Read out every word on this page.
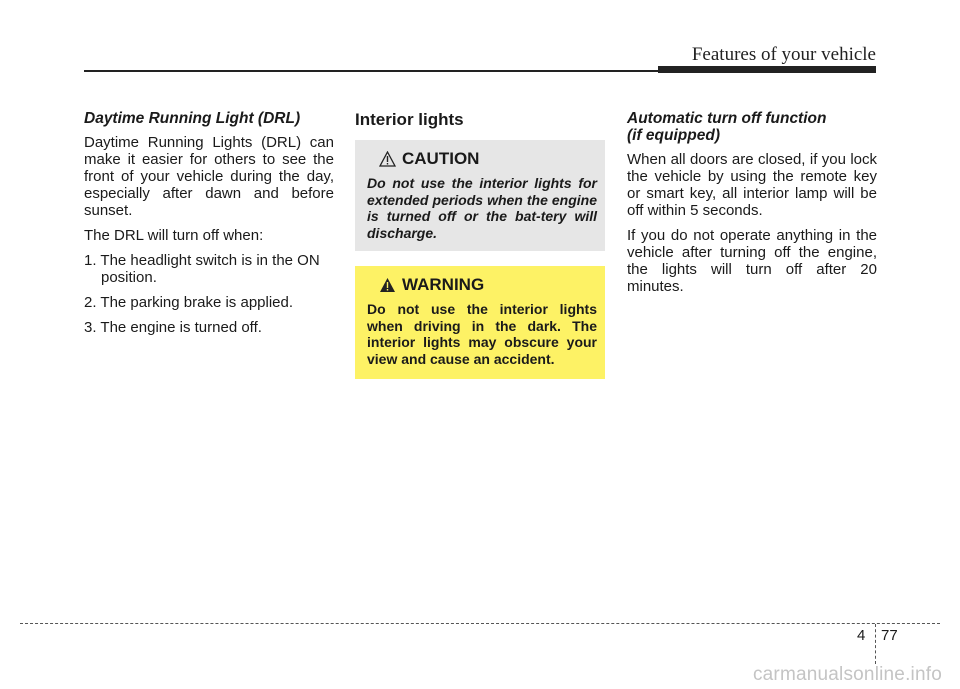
Features of your vehicle
Daytime Running Light (DRL)

Daytime Running Lights (DRL) can make it easier for others to see the front of your vehicle during the day, especially after dawn and before sunset.

The DRL will turn off when:

1. The headlight switch is in the ON position.
2. The parking brake is applied.
3. The engine is turned off.
Interior lights
CAUTION

Do not use the interior lights for extended periods when the engine is turned off or the bat-tery will discharge.

WARNING

Do not use the interior lights when driving in the dark. The interior lights may obscure your view and cause an accident.

Automatic turn off function
(if equipped)

When all doors are closed, if you lock the vehicle by using the remote key or smart key, all interior lamp will be off within 5 seconds.

If you do not operate anything in the vehicle after turning off the engine, the lights will turn off after 20 minutes.

4 77
carmanualsonline.info
